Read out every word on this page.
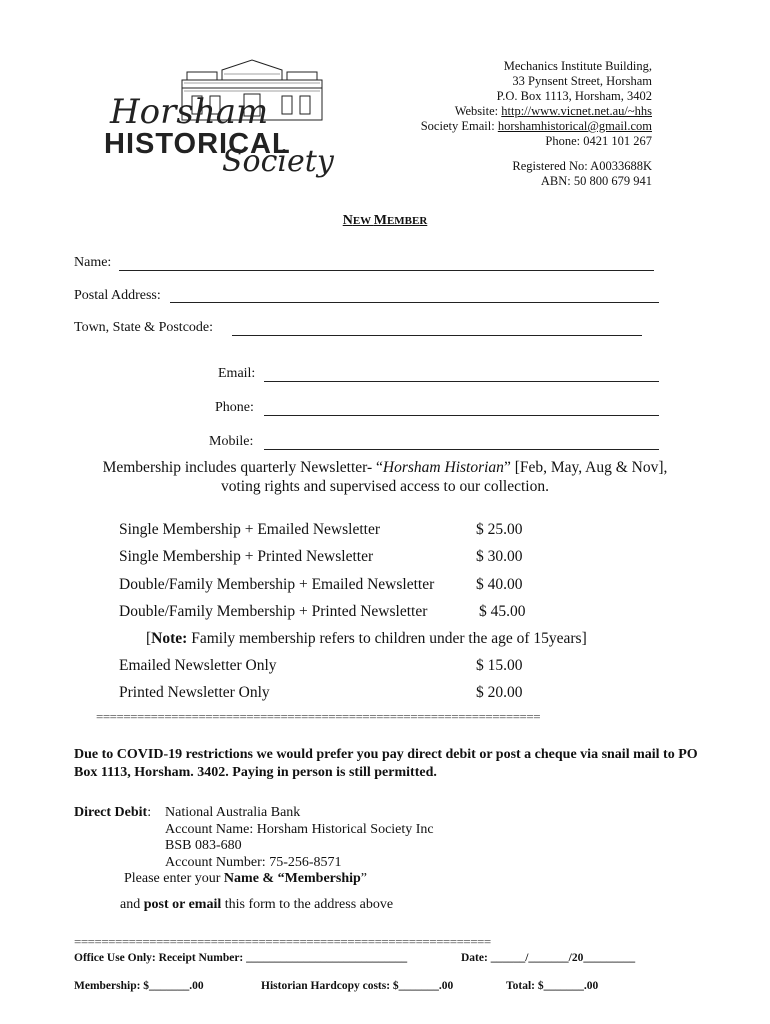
Horsham
HISTORICAL
Society
Mechanics Institute Building,
33 Pynsent Street, Horsham
P.O. Box 1113, Horsham, 3402
Website: http://www.vicnet.net.au/~hhs
Society Email: horshamhistorical@gmail.com
Phone: 0421 101 267
Registered No: A0033688K
ABN: 50 800 679 941
NEW MEMBER
Name:
Postal Address:
Town, State & Postcode:
Email:
Phone:
Mobile:
Membership includes quarterly Newsletter- “Horsham Historian” [Feb, May, Aug & Nov],
voting rights and supervised access to our collection.
Single Membership + Emailed Newsletter	$ 25.00
Single Membership + Printed Newsletter	$ 30.00
Double/Family Membership + Emailed Newsletter	$ 40.00
Double/Family Membership + Printed Newsletter	$ 45.00
[Note: Family membership refers to children under the age of 15years]
Emailed Newsletter Only	$ 15.00
Printed Newsletter Only	$ 20.00
=================================================================
Due to COVID-19 restrictions we would prefer you pay direct debit or post a cheque via snail mail to PO Box 1113, Horsham. 3402. Paying in person is still permitted.
Direct Debit: National Australia Bank
Account Name: Horsham Historical Society Inc
BSB 083-680
Account Number: 75-256-8571
Please enter your Name & “Membership”
and post or email this form to the address above
=============================================================
Office Use Only: Receipt Number: ____________________________	Date: ______/_______/20_________
Membership: $_______.00	Historian Hardcopy costs: $_______.00	Total: $_______.00
